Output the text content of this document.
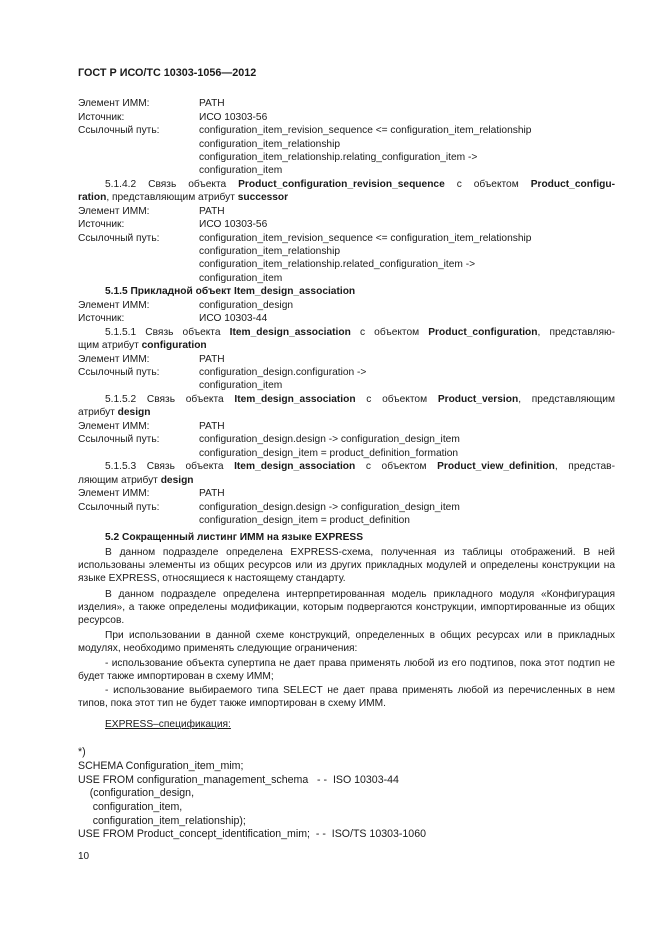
ГОСТ Р ИСО/ТС 10303-1056—2012
Элемент ИММ:	PATH
Источник:	ИСО 10303-56
Ссылочный путь:	configuration_item_revision_sequence <= configuration_item_relationship
configuration_item_relationship
configuration_item_relationship.relating_configuration_item ->
configuration_item
5.1.4.2 Связь объекта Product_configuration_revision_sequence с объектом Product_configu-
ration, представляющим атрибут successor
Элемент ИММ:	PATH
Источник:	ИСО 10303-56
Ссылочный путь:	configuration_item_revision_sequence <= configuration_item_relationship
configuration_item_relationship
configuration_item_relationship.related_configuration_item ->
configuration_item
5.1.5 Прикладной объект Item_design_association
Элемент ИММ:	configuration_design
Источник:	ИСО 10303-44
5.1.5.1 Связь объекта Item_design_association с объектом Product_configuration, представляю-
щим атрибут configuration
Элемент ИММ:	PATH
Ссылочный путь:	configuration_design.configuration ->
configuration_item
5.1.5.2 Связь объекта Item_design_association с объектом Product_version, представляющим
атрибут design
Элемент ИММ:	PATH
Ссылочный путь:	configuration_design.design -> configuration_design_item
configuration_design_item = product_definition_formation
5.1.5.3 Связь объекта Item_design_association с объектом Product_view_definition, представ-
ляющим атрибут design
Элемент ИММ:	PATH
Ссылочный путь:	configuration_design.design -> configuration_design_item
configuration_design_item = product_definition
5.2 Сокращенный листинг ИММ на языке EXPRESS
В данном подразделе определена EXPRESS-схема, полученная из таблицы отображений. В ней использованы элементы из общих ресурсов или из других прикладных модулей и определены конструкции на языке EXPRESS, относящиеся к настоящему стандарту.
В данном подразделе определена интерпретированная модель прикладного модуля «Конфигурация изделия», а также определены модификации, которым подвергаются конструкции, импортированные из общих ресурсов.
При использовании в данной схеме конструкций, определенных в общих ресурсах или в прикладных модулях, необходимо применять следующие ограничения:
- использование объекта супертипа не дает права применять любой из его подтипов, пока этот подтип не будет также импортирован в схему ИММ;
- использование выбираемого типа SELECT не дает права применять любой из перечисленных в нем типов, пока этот тип не будет также импортирован в схему ИММ.
EXPRESS–спецификация:
*)
SCHEMA Configuration_item_mim;
USE FROM configuration_management_schema   - -  ISO 10303-44
(configuration_design,
configuration_item,
configuration_item_relationship);
USE FROM Product_concept_identification_mim;  - -  ISO/TS 10303-1060
10
